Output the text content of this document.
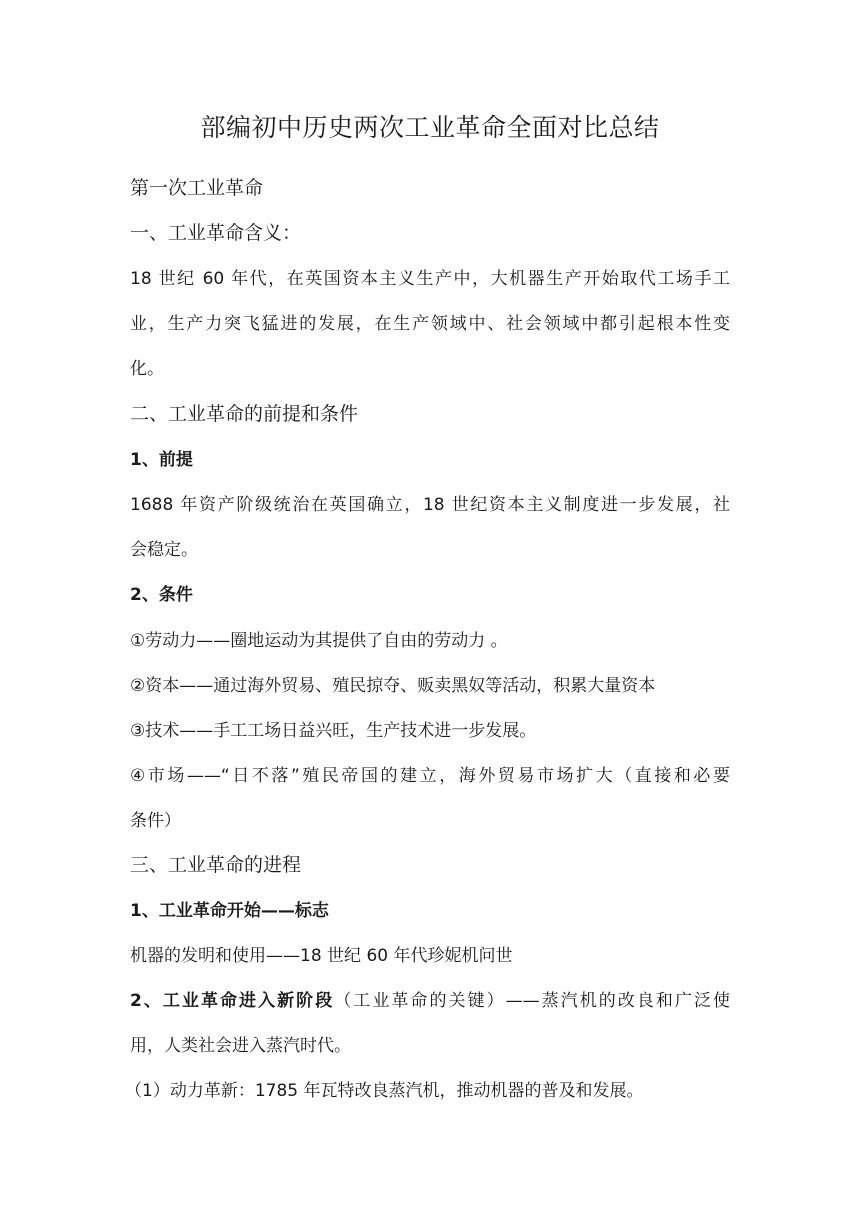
部编初中历史两次工业革命全面对比总结

第一次工业革命

一、工业革命含义：

18 世纪 60 年代，在英国资本主义生产中，大机器生产开始取代工场手工

业，生产力突飞猛进的发展，在生产领域中、社会领域中都引起根本性变

化。

二、工业革命的前提和条件

1、前提

1688 年资产阶级统治在英国确立，18 世纪资本主义制度进一步发展，社

会稳定。

2、条件

①劳动力——圈地运动为其提供了自由的劳动力 。

②资本——通过海外贸易、殖民掠夺、贩卖黑奴等活动，积累大量资本

③技术——手工工场日益兴旺，生产技术进一步发展。

④市场——“日不落”殖民帝国的建立，海外贸易市场扩大（直接和必要

条件）

三、工业革命的进程

1、工业革命开始——标志

机器的发明和使用——18 世纪 60 年代珍妮机问世

2、工业革命进入新阶段（工业革命的关键）——蒸汽机的改良和广泛使

用，人类社会进入蒸汽时代。

（1）动力革新：1785 年瓦特改良蒸汽机，推动机器的普及和发展。
